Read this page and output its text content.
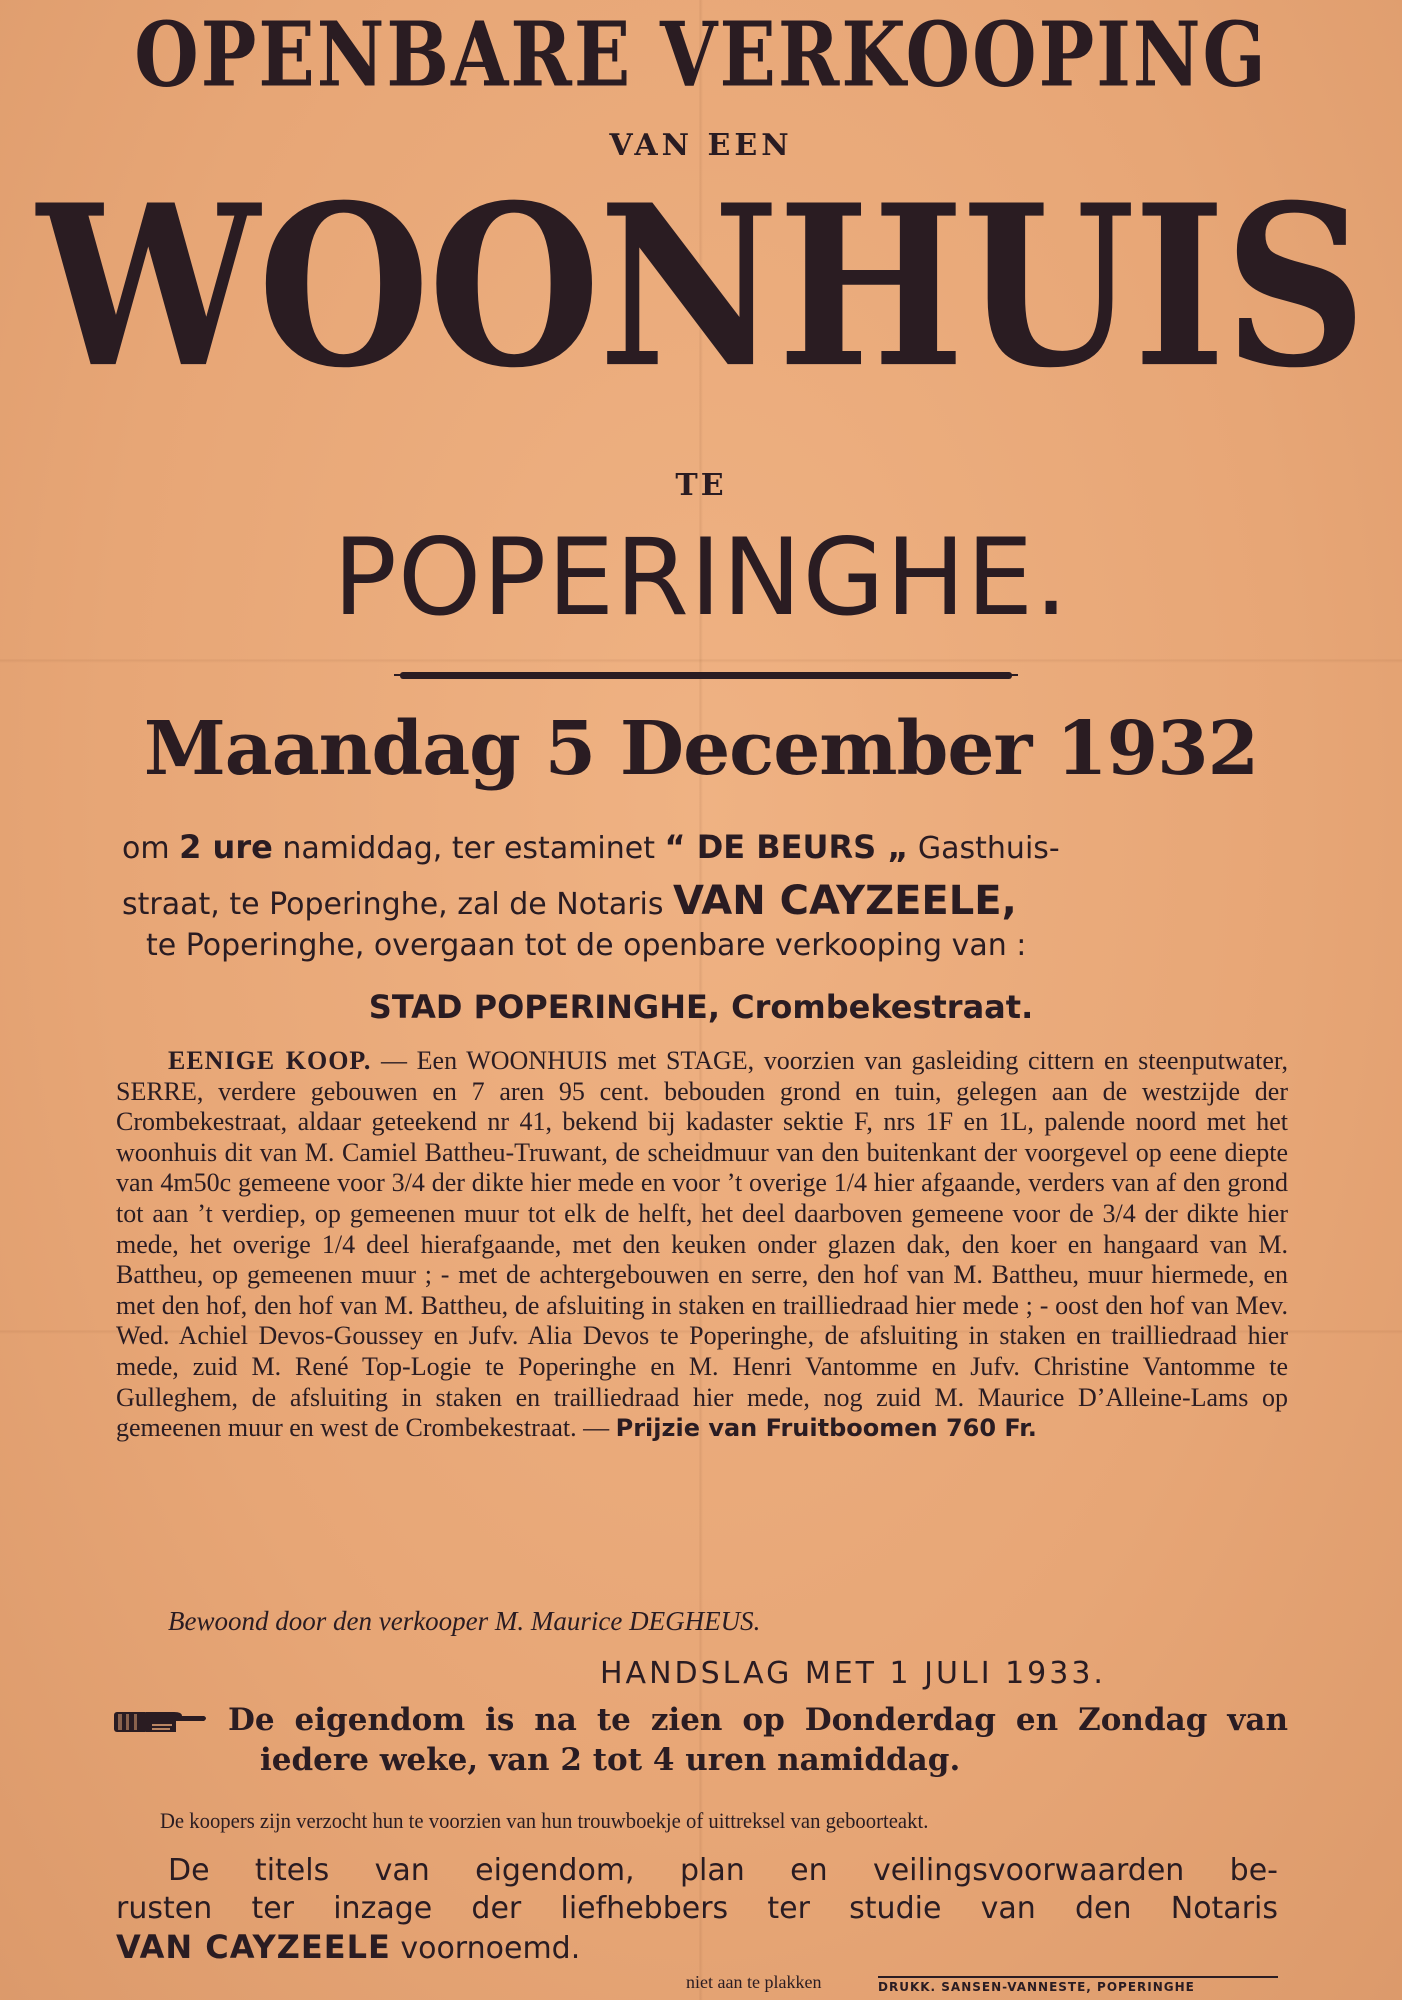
OPENBARE VERKOOPING
VAN EEN
WOONHUIS
TE
POPERINGHE.
Maandag 5 December 1932
om 2 ure namiddag, ter estaminet “ DE BEURS „ Gasthuis-
straat, te Poperinghe, zal de Notaris VAN CAYZEELE,
te Poperinghe, overgaan tot de openbare verkooping van :
STAD POPERINGHE, Crombekestraat.
EENIGE KOOP. — Een WOONHUIS met STAGE, voorzien van gasleiding cittern en steenputwater, SERRE, verdere gebouwen en 7 aren 95 cent. bebouden grond en tuin, gelegen aan de westzijde der Crombekestraat, aldaar geteekend nr 41, bekend bij kadaster sektie F, nrs 1F en 1L, palende noord met het woonhuis dit van M. Camiel Battheu-Truwant, de scheidmuur van den buitenkant der voorgevel op eene diepte van 4m50c gemeene voor 3/4 der dikte hier mede en voor ’t overige 1/4 hier afgaande, verders van af den grond tot aan ’t verdiep, op gemeenen muur tot elk de helft, het deel daarboven gemeene voor de 3/4 der dikte hier mede, het overige 1/4 deel hierafgaande, met den keuken onder glazen dak, den koer en hangaard van M. Battheu, op gemeenen muur ; - met de achtergebouwen en serre, den hof van M. Battheu, muur hiermede, en met den hof, den hof van M. Battheu, de afsluiting in staken en trailliedraad hier mede ; - oost den hof van Mev. Wed. Achiel Devos-Goussey en Jufv. Alia Devos te Poperinghe, de afsluiting in staken en trailliedraad hier mede, zuid M. René Top-Logie te Poperinghe en M. Henri Vantomme en Jufv. Christine Vantomme te Gulleghem, de afsluiting in staken en trailliedraad hier mede, nog zuid M. Maurice D’Alleine-Lams op gemeenen muur en west de Crombekestraat. — Prijzie van Fruitboomen 760 Fr.
Bewoond door den verkooper M. Maurice DEGHEUS.
HANDSLAG MET 1 JULI 1933.
De eigendom is na te zien op Donderdag en Zondag van
iedere weke, van 2 tot 4 uren namiddag.
De koopers zijn verzocht hun te voorzien van hun trouwboekje of uittreksel van geboorteakt.
De titels van eigendom, plan en veilingsvoorwaarden be-
rusten ter inzage der liefhebbers ter studie van den Notaris
VAN CAYZEELE voornoemd.
niet aan te plakken	DRUKK. SANSEN-VANNESTE, POPERINGHE
